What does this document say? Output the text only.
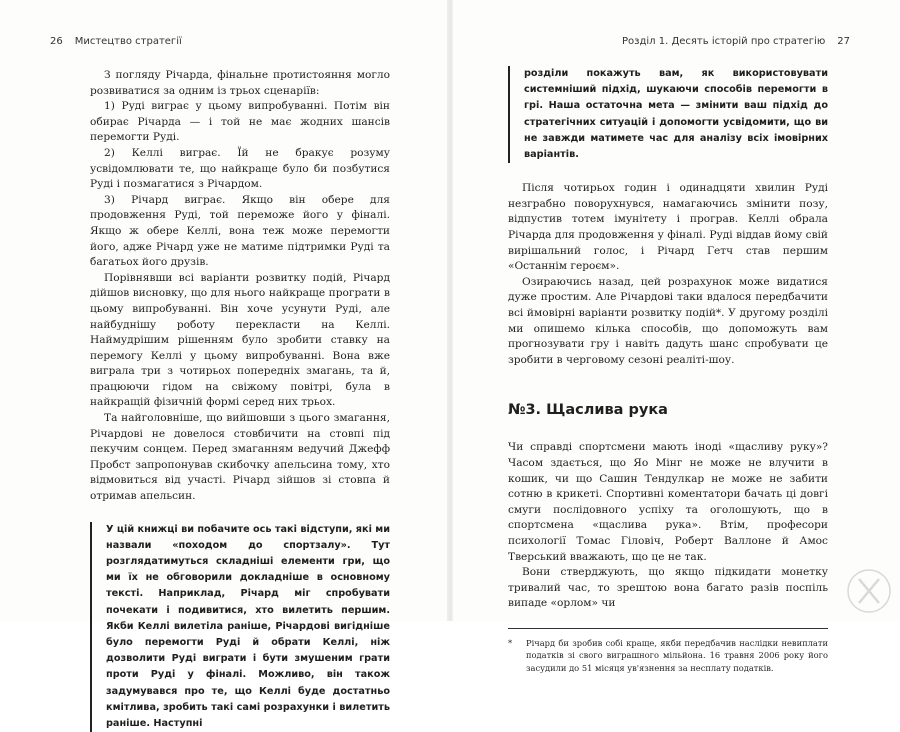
26 Мистецтво стратегії	Розділ 1. Десять історій про стратегію 27

З погляду Річарда, фінальне протистояння могло розвиватися за одним із трьох сценаріїв:

1) Руді виграє у цьому випробуванні. Потім він обирає Річарда — і той не має жодних шансів перемогти Руді.

2) Келлі виграє. Їй не бракує розуму усвідомлювати те, що найкраще було би позбутися Руді і позмагатися з Річардом.

3) Річард виграє. Якщо він обере для продовження Руді, той переможе його у фіналі. Якщо ж обере Келлі, вона теж може перемогти його, адже Річард уже не матиме підтримки Руді та багатьох його друзів.

Порівнявши всі варіанти розвитку подій, Річард дійшов висновку, що для нього найкраще програти в цьому випробуванні. Він хоче усунути Руді, але найбуднішу роботу перекласти на Келлі. Наймудрішим рішенням було зробити ставку на перемогу Келлі у цьому випробуванні. Вона вже виграла три з чотирьох попередніх змагань, та й, працюючи гідом на свіжому повітрі, була в найкращій фізичній формі серед них трьох.

Та найголовніше, що вийшовши з цього змагання, Річардові не довелося стовбичити на стовпі під пекучим сонцем. Перед змаганням ведучий Джефф Пробст запропонував скибочку апельсина тому, хто відмовиться від участі. Річард зійшов зі стовпа й отримав апельсин.

У цій книжці ви побачите ось такі відступи, які ми назвали «походом до спортзалу». Тут розглядатимуться складніші елементи гри, що ми їх не обговорили докладніше в основному тексті. Наприклад, Річард міг спробувати почекати і подивитися, хто вилетить першим. Якби Келлі вилетіла раніше, Річардові вигідніше було перемогти Руді й обрати Келлі, ніж дозволити Руді виграти і бути змушеним грати проти Руді у фіналі. Можливо, він також задумувався про те, що Келлі буде достатньо кмітлива, зробить такі самі розрахунки і вилетить раніше. Наступні
розділи покажуть вам, як використовувати системніший підхід, шукаючи способів перемогти в грі. Наша остаточна мета — змінити ваш підхід до стратегічних ситуацій і допомогти усвідомити, що ви не завжди матимете час для аналізу всіх імовірних варіантів.

Після чотирьох годин і одинадцяти хвилин Руді незграбно поворухнувся, намагаючись змінити позу, відпустив тотем імунітету і програв. Келлі обрала Річарда для продовження у фіналі. Руді віддав йому свій вирішальний голос, і Річард Гетч став першим «Останнім героєм».

Озираючись назад, цей розрахунок може видатися дуже простим. Але Річардові таки вдалося передбачити всі ймовірні варіанти розвитку подій*. У другому розділі ми опишемо кілька способів, що допоможуть вам прогнозувати гру і навіть дадуть шанс спробувати це зробити в черговому сезоні реаліті-шоу.

№3. Щаслива рука

Чи справді спортсмени мають іноді «щасливу руку»? Часом здається, що Яо Мінг не може не влучити в кошик, чи що Сашин Тендулкар не може не забити сотню в крикеті. Спортивні коментатори бачать ці довгі смуги послідовного успіху та оголошують, що в спортсмена «щаслива рука». Втім, професори психології Томас Гіловіч, Роберт Валлоне й Амос Тверський вважають, що це не так.

Вони стверджують, що якщо підкидати монетку тривалий час, то зрештою вона багато разів поспіль випаде «орлом» чи

*	Річард би зробив собі краще, якби передбачив наслідки невиплати податків зі свого виграшного мільйона. 16 травня 2006 року його засудили до 51 місяця ув'язнення за несплату податків.
